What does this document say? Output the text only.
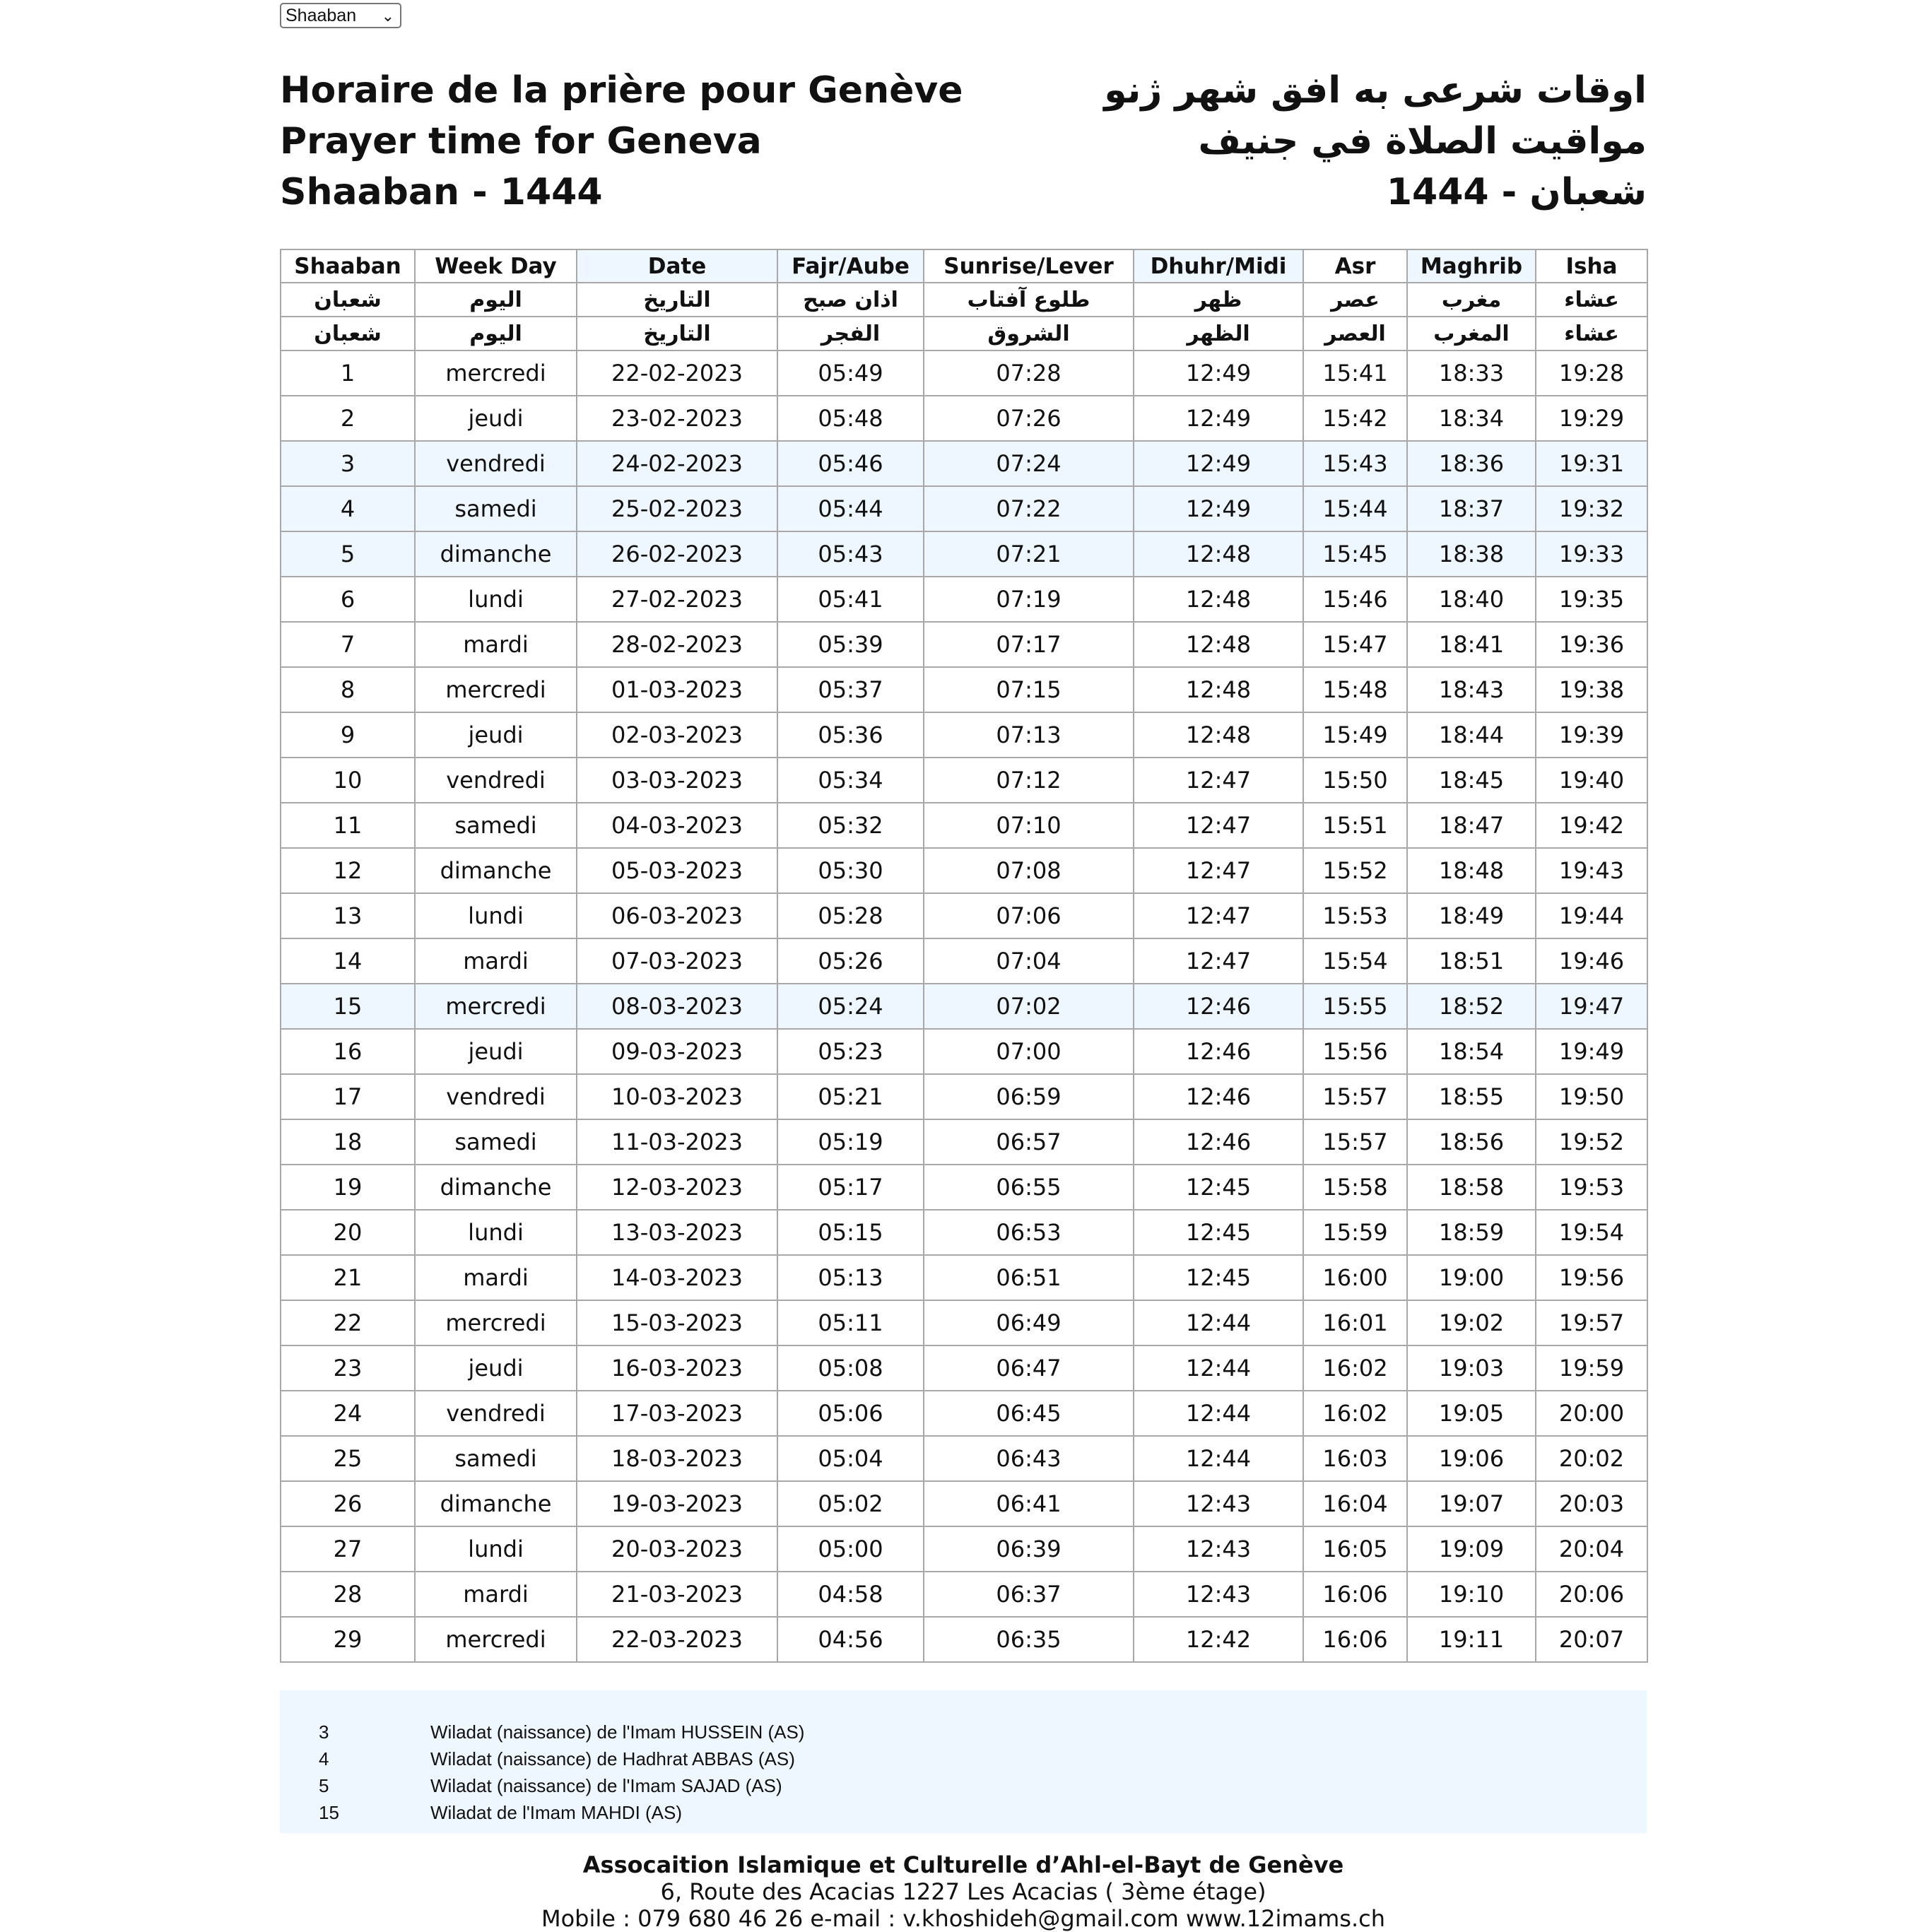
Shaaban ⌄
Horaire de la prière pour Genève
Prayer time for Geneva
Shaaban - 1444
اوقات شرعی به افق شهر ژنو
مواقيت الصلاة في جنيف
شعبان - 1444
Shaaban	Week Day	Date	Fajr/Aube	Sunrise/Lever	Dhuhr/Midi	Asr	Maghrib	Isha
شعبان	اليوم	التاريخ	اذان صبح	طلوع آفتاب	ظهر	عصر	مغرب	عشاء
شعبان	اليوم	التاريخ	الفجر	الشروق	الظهر	العصر	المغرب	عشاء
1	mercredi	22-02-2023	05:49	07:28	12:49	15:41	18:33	19:28
2	jeudi	23-02-2023	05:48	07:26	12:49	15:42	18:34	19:29
3	vendredi	24-02-2023	05:46	07:24	12:49	15:43	18:36	19:31
4	samedi	25-02-2023	05:44	07:22	12:49	15:44	18:37	19:32
5	dimanche	26-02-2023	05:43	07:21	12:48	15:45	18:38	19:33
6	lundi	27-02-2023	05:41	07:19	12:48	15:46	18:40	19:35
7	mardi	28-02-2023	05:39	07:17	12:48	15:47	18:41	19:36
8	mercredi	01-03-2023	05:37	07:15	12:48	15:48	18:43	19:38
9	jeudi	02-03-2023	05:36	07:13	12:48	15:49	18:44	19:39
10	vendredi	03-03-2023	05:34	07:12	12:47	15:50	18:45	19:40
11	samedi	04-03-2023	05:32	07:10	12:47	15:51	18:47	19:42
12	dimanche	05-03-2023	05:30	07:08	12:47	15:52	18:48	19:43
13	lundi	06-03-2023	05:28	07:06	12:47	15:53	18:49	19:44
14	mardi	07-03-2023	05:26	07:04	12:47	15:54	18:51	19:46
15	mercredi	08-03-2023	05:24	07:02	12:46	15:55	18:52	19:47
16	jeudi	09-03-2023	05:23	07:00	12:46	15:56	18:54	19:49
17	vendredi	10-03-2023	05:21	06:59	12:46	15:57	18:55	19:50
18	samedi	11-03-2023	05:19	06:57	12:46	15:57	18:56	19:52
19	dimanche	12-03-2023	05:17	06:55	12:45	15:58	18:58	19:53
20	lundi	13-03-2023	05:15	06:53	12:45	15:59	18:59	19:54
21	mardi	14-03-2023	05:13	06:51	12:45	16:00	19:00	19:56
22	mercredi	15-03-2023	05:11	06:49	12:44	16:01	19:02	19:57
23	jeudi	16-03-2023	05:08	06:47	12:44	16:02	19:03	19:59
24	vendredi	17-03-2023	05:06	06:45	12:44	16:02	19:05	20:00
25	samedi	18-03-2023	05:04	06:43	12:44	16:03	19:06	20:02
26	dimanche	19-03-2023	05:02	06:41	12:43	16:04	19:07	20:03
27	lundi	20-03-2023	05:00	06:39	12:43	16:05	19:09	20:04
28	mardi	21-03-2023	04:58	06:37	12:43	16:06	19:10	20:06
29	mercredi	22-03-2023	04:56	06:35	12:42	16:06	19:11	20:07
3	Wiladat (naissance) de l'Imam HUSSEIN (AS)
4	Wiladat (naissance) de Hadhrat ABBAS (AS)
5	Wiladat (naissance) de l'Imam SAJAD (AS)
15	Wiladat de l'Imam MAHDI (AS)
Assocaition Islamique et Culturelle d’Ahl-el-Bayt de Genève
6, Route des Acacias 1227 Les Acacias ( 3ème étage)
Mobile : 079 680 46 26 e-mail : v.khoshideh@gmail.com www.12imams.ch
